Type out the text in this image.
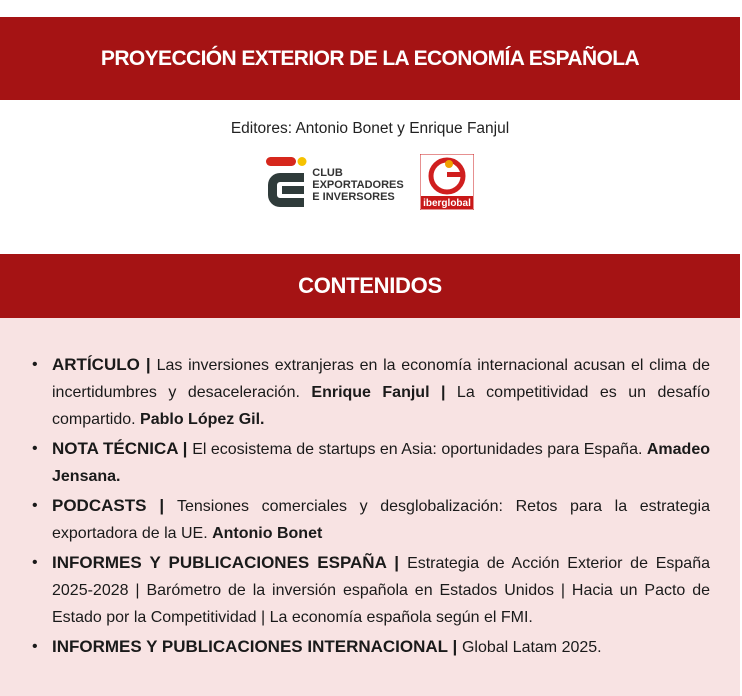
PROYECCIÓN EXTERIOR DE LA ECONOMÍA ESPAÑOLA
Editores: Antonio Bonet y Enrique Fanjul
CLUB
EXPORTADORES
E INVERSORES
iberglobal
CONTENIDOS
• ARTÍCULO | Las inversiones extranjeras en la economía internacional acusan el clima de incertidumbres y desaceleración. Enrique Fanjul | La competitividad es un desafío compartido. Pablo López Gil.
• NOTA TÉCNICA | El ecosistema de startups en Asia: oportunidades para España. Amadeo Jensana.
• PODCASTS | Tensiones comerciales y desglobalización: Retos para la estrategia exportadora de la UE. Antonio Bonet
• INFORMES Y PUBLICACIONES ESPAÑA | Estrategia de Acción Exterior de España 2025-2028 | Barómetro de la inversión española en Estados Unidos | Hacia un Pacto de Estado por la Competitividad | La economía española según el FMI.
• INFORMES Y PUBLICACIONES INTERNACIONAL | Global Latam 2025.
